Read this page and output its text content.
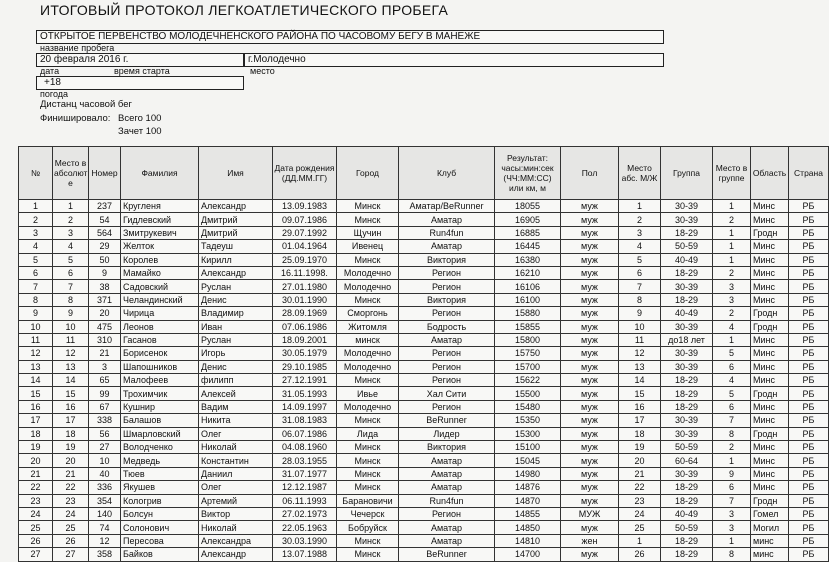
ИТОГОВЫЙ ПРОТОКОЛ ЛЕГКОАТЛЕТИЧЕСКОГО ПРОБЕГА
ОТКРЫТОЕ ПЕРВЕНСТВО МОЛОДЕЧНЕНСКОГО РАЙОНА ПО ЧАСОВОМУ БЕГУ В МАНЕЖЕ
название пробега
20 февраля 2016 г.	г.Молодечно
дата	время старта	место
+18
погода
Дистанц часовой бег
Финишировало: Всего 100
Зачет 100
№	Место в абсолют е	Номер	Фамилия	Имя	Дата рождения (ДД.ММ.ГГ)	Город	Клуб	Результат: часы:мин:сек (ЧЧ:ММ:СС) или км, м	Пол	Место абс. М/Ж	Группа	Место в группе	Область	Страна
1	1	237	Кругленя	Александр	13.09.1983	Минск	Аматар/BeRunner	18055	муж	1	30-39	1	Минс	РБ
2	2	54	Гидлевский	Дмитрий	09.07.1986	Минск	Аматар	16905	муж	2	30-39	2	Минс	РБ
3	3	564	Змитрукевич	Дмитрий	29.07.1992	Щучин	Run4fun	16885	муж	3	18-29	1	Гродн	РБ
4	4	29	Желток	Тадеуш	01.04.1964	Ивенец	Аматар	16445	муж	4	50-59	1	Минс	РБ
5	5	50	Королев	Кирилл	25.09.1970	Минск	Виктория	16380	муж	5	40-49	1	Минс	РБ
6	6	9	Мамайко	Александр	16.11.1998.	Молодечно	Регион	16210	муж	6	18-29	2	Минс	РБ
7	7	38	Садовский	Руслан	27.01.1980	Молодечно	Регион	16106	муж	7	30-39	3	Минс	РБ
8	8	371	Челандинский	Денис	30.01.1990	Минск	Виктория	16100	муж	8	18-29	3	Минс	РБ
9	9	20	Чирица	Владимир	28.09.1969	Сморгонь	Регион	15880	муж	9	40-49	2	Гродн	РБ
10	10	475	Леонов	Иван	07.06.1986	Житомля	Бодрость	15855	муж	10	30-39	4	Гродн	РБ
11	11	310	Гасанов	Руслан	18.09.2001	минск	Аматар	15800	муж	11	до18 лет	1	Минс	РБ
12	12	21	Борисенок	Игорь	30.05.1979	Молодечно	Регион	15750	муж	12	30-39	5	Минс	РБ
13	13	3	Шапошников	Денис	29.10.1985	Молодечно	Регион	15700	муж	13	30-39	6	Минс	РБ
14	14	65	Малофеев	филипп	27.12.1991	Минск	Регион	15622	муж	14	18-29	4	Минс	РБ
15	15	99	Трохимчик	Алексей	31.05.1993	Ивье	Хал Сити	15500	муж	15	18-29	5	Гродн	РБ
16	16	67	Кушнир	Вадим	14.09.1997	Молодечно	Регион	15480	муж	16	18-29	6	Минс	РБ
17	17	338	Балашов	Никита	31.08.1983	Минск	BeRunner	15350	муж	17	30-39	7	Минс	РБ
18	18	56	Шмарловский	Олег	06.07.1986	Лида	Лидер	15300	муж	18	30-39	8	Гродн	РБ
19	19	27	Володченко	Николай	04.08.1960	Минск	Виктория	15100	муж	19	50-59	2	Минс	РБ
20	20	10	Медведь	Константин	28.03.1955	Минск	Аматар	15045	муж	20	60-64	1	Минс	РБ
21	21	40	Тюев	Даниил	31.07.1977	Минск	Аматар	14980	муж	21	30-39	9	Минс	РБ
22	22	336	Якушев	Олег	12.12.1987	Минск	Аматар	14876	муж	22	18-29	6	Минс	РБ
23	23	354	Кологрив	Артемий	06.11.1993	Барановичи	Run4fun	14870	муж	23	18-29	7	Гродн	РБ
24	24	140	Болсун	Виктор	27.02.1973	Чечерск	Регион	14855	МУЖ	24	40-49	3	Гомел	РБ
25	25	74	Солонович	Николай	22.05.1963	Бобруйск	Аматар	14850	муж	25	50-59	3	Могил	РБ
26	26	12	Пересова	Александра	30.03.1990	Минск	Аматар	14810	жен	1	18-29	1	минс	РБ
27	27	358	Байков	Александр	13.07.1988	Минск	BeRunner	14700	муж	26	18-29	8	минс	РБ
